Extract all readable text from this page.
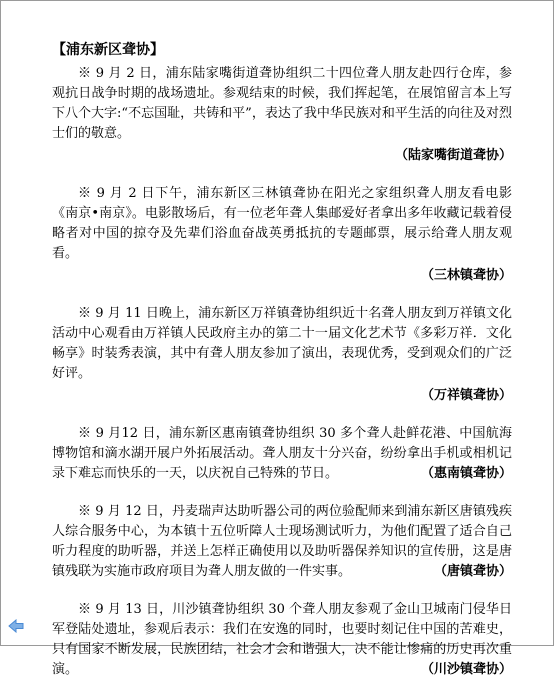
【浦东新区聋协】
※ 9 月 2 日，浦东陆家嘴街道聋协组织二十四位聋人朋友赴四行仓库，参观抗日战争时期的战场遗址。参观结束的时候，我们挥起笔，在展馆留言本上写下八个大字:“不忘国耻，共铸和平”，表达了我中华民族对和平生活的向往及对烈士们的敬意。
（陆家嘴街道聋协）
※ 9 月 2 日下午，浦东新区三林镇聋协在阳光之家组织聋人朋友看电影《南京•南京》。电影散场后，有一位老年聋人集邮爱好者拿出多年收藏记载着侵略者对中国的掠夺及先辈们浴血奋战英勇抵抗的专题邮票，展示给聋人朋友观看。
（三林镇聋协）
※ 9 月 11 日晚上，浦东新区万祥镇聋协组织近十名聋人朋友到万祥镇文化活动中心观看由万祥镇人民政府主办的第二十一届文化艺术节《多彩万祥．文化畅享》时装秀表演，其中有聋人朋友参加了演出，表现优秀，受到观众们的广泛好评。
（万祥镇聋协）
※ 9 月12 日，浦东新区惠南镇聋协组织 30 多个聋人赴鲜花港、中国航海博物馆和滴水湖开展户外拓展活动。聋人朋友十分兴奋，纷纷拿出手机或相机记录下难忘而快乐的一天，以庆祝自己特殊的节日。	（惠南镇聋协）
※ 9 月 12 日，丹麦瑞声达助听器公司的两位验配师来到浦东新区唐镇残疾人综合服务中心，为本镇十五位听障人士现场测试听力，为他们配置了适合自己听力程度的助听器，并送上怎样正确使用以及助听器保养知识的宣传册，这是唐镇残联为实施市政府项目为聋人朋友做的一件实事。	（唐镇聋协）
※ 9 月 13 日，川沙镇聋协组织 30 个聋人朋友参观了金山卫城南门侵华日军登陆处遗址，参观后表示：我们在安逸的同时，也要时刻记住中国的苦难史，只有国家不断发展，民族团结，社会才会和谐强大，决不能让惨痛的历史再次重演。	（川沙镇聋协）
